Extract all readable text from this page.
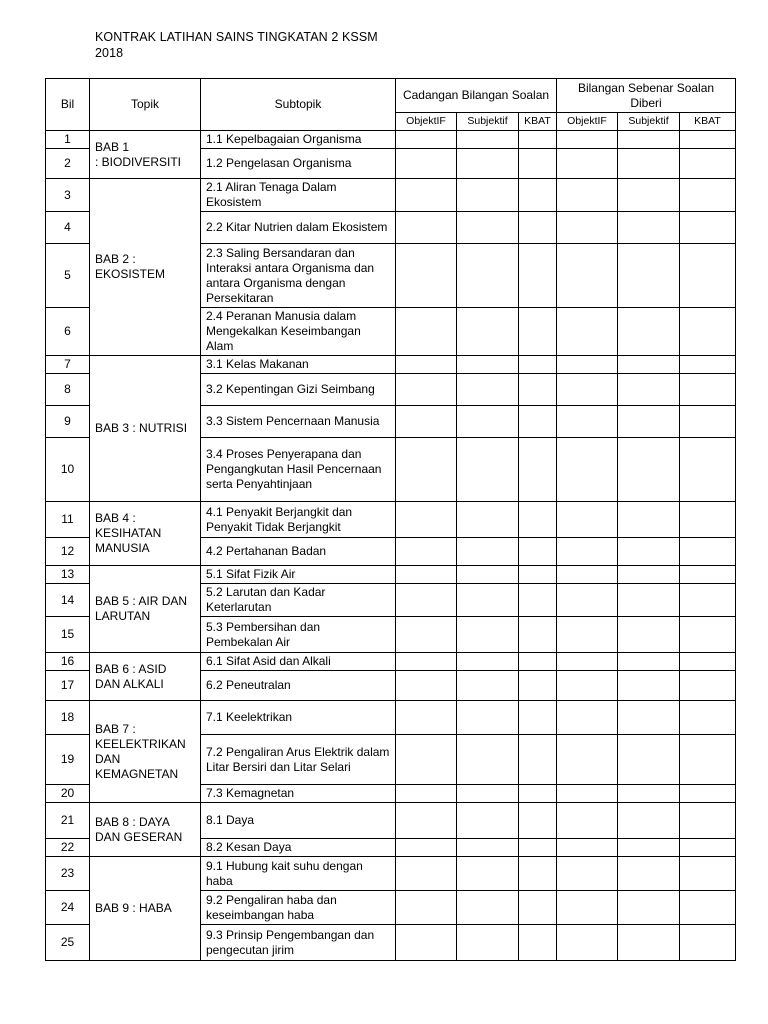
KONTRAK LATIHAN SAINS TINGKATAN 2 KSSM
2018
Bil	Topik	Subtopik	Cadangan Bilangan Soalan			Bilangan Sebenar Soalan Diberi		
			ObjektIF	Subjektif	KBAT	ObjektIF	Subjektif	KBAT
1	BAB 1
: BIODIVERSITI	1.1 Kepelbagaian Organisma						
2		1.2 Pengelasan Organisma						
3	BAB 2 :
EKOSISTEM	2.1 Aliran Tenaga Dalam Ekosistem						
4		2.2 Kitar Nutrien dalam Ekosistem						
5		2.3 Saling Bersandaran dan Interaksi antara Organisma dan antara Organisma dengan Persekitaran						
6		2.4 Peranan Manusia dalam Mengekalkan Keseimbangan Alam						
7	BAB 3 : NUTRISI	3.1 Kelas Makanan						
8		3.2 Kepentingan Gizi Seimbang						
9		3.3 Sistem Pencernaan Manusia						
10		3.4 Proses Penyerapana dan Pengangkutan Hasil Pencernaan serta Penyahtinjaan						
11	BAB 4 :
KESIHATAN
MANUSIA	4.1 Penyakit Berjangkit dan Penyakit Tidak Berjangkit						
12		4.2 Pertahanan Badan						
13	BAB 5 : AIR DAN
LARUTAN	5.1 Sifat Fizik Air						
14		5.2 Larutan dan Kadar Keterlarutan						
15		5.3 Pembersihan dan Pembekalan Air						
16	BAB 6 : ASID
DAN ALKALI	6.1 Sifat Asid dan Alkali						
17		6.2 Peneutralan						
18	BAB 7 :
KEELEKTRIKAN
DAN
KEMAGNETAN	7.1 Keelektrikan						
19		7.2 Pengaliran Arus Elektrik dalam Litar Bersiri dan Litar Selari						
20		7.3 Kemagnetan						
21	BAB 8 : DAYA
DAN GESERAN	8.1 Daya						
22		8.2 Kesan Daya						
23	BAB 9 : HABA	9.1 Hubung kait suhu dengan haba						
24		9.2 Pengaliran haba dan keseimbangan haba						
25		9.3 Prinsip Pengembangan dan pengecutan jirim						
